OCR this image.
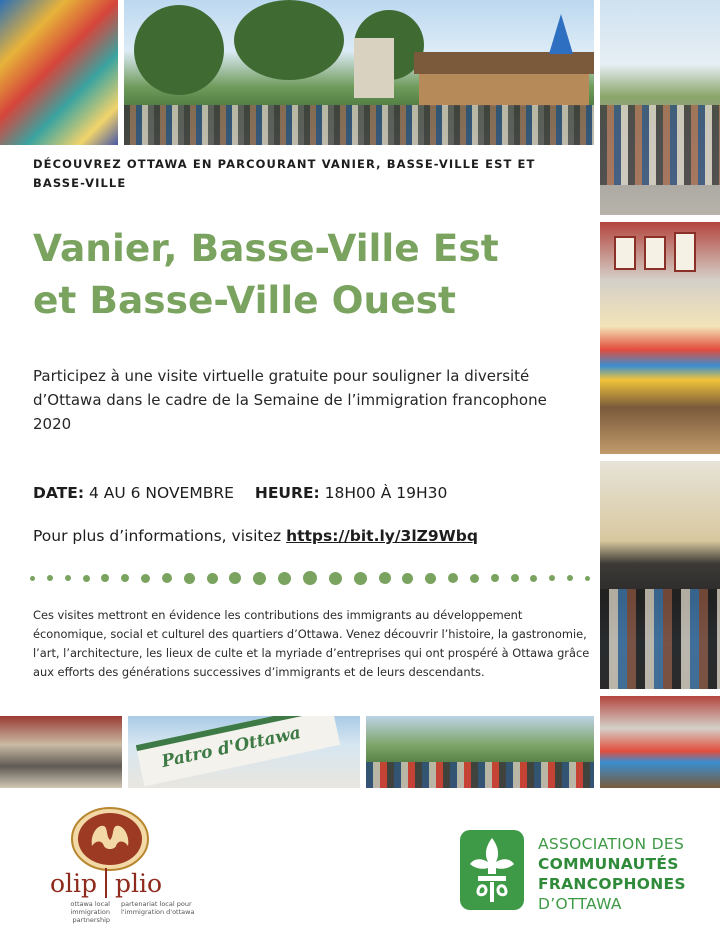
Patro d'Ottawa

DÉCOUVREZ OTTAWA EN PARCOURANT VANIER, BASSE-VILLE EST ET BASSE-VILLE

Vanier, Basse-Ville Est
et Basse-Ville Ouest

Participez à une visite virtuelle gratuite pour souligner la diversité d’Ottawa dans le cadre de la Semaine de l’immigration francophone 2020

DATE: 4 AU 6 NOVEMBRE HEURE: 18H00 À 19H30
Pour plus d’informations, visitez https://bit.ly/3lZ9Wbq

Ces visites mettront en évidence les contributions des immigrants au développement économique, social et culturel des quartiers d’Ottawa. Venez découvrir l’histoire, la gastronomie, l’art, l’architecture, les lieux de culte et la myriade d’entreprises qui ont prospéré à Ottawa grâce aux efforts des générations successives d’immigrants et de leurs descendants.

olip plio
ottawa local immigration partnership
partenariat local pour l'immigration d'ottawa
ASSOCIATION DES
COMMUNAUTÉS
FRANCOPHONES
D’OTTAWA
